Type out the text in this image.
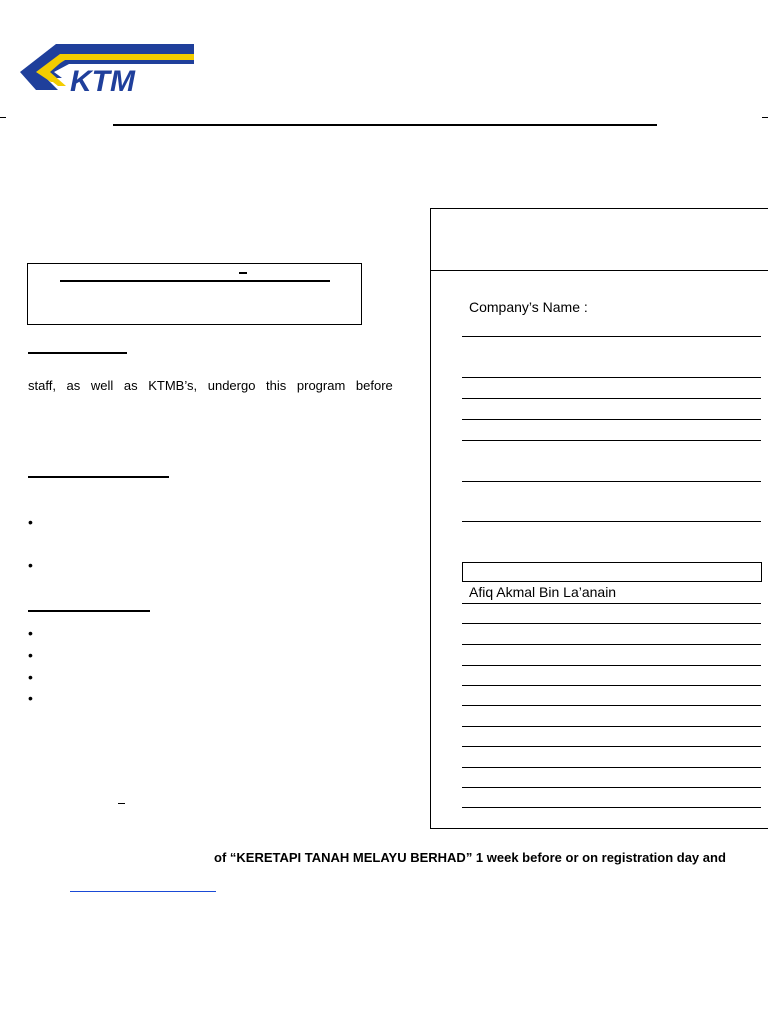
KTM
staff, as well as KTMB’s, undergo this program before
•
•
•
•
•
•
Company’s Name :
Afiq Akmal Bin La’anain
of “KERETAPI TANAH MELAYU BERHAD” 1 week before or on registration day and
